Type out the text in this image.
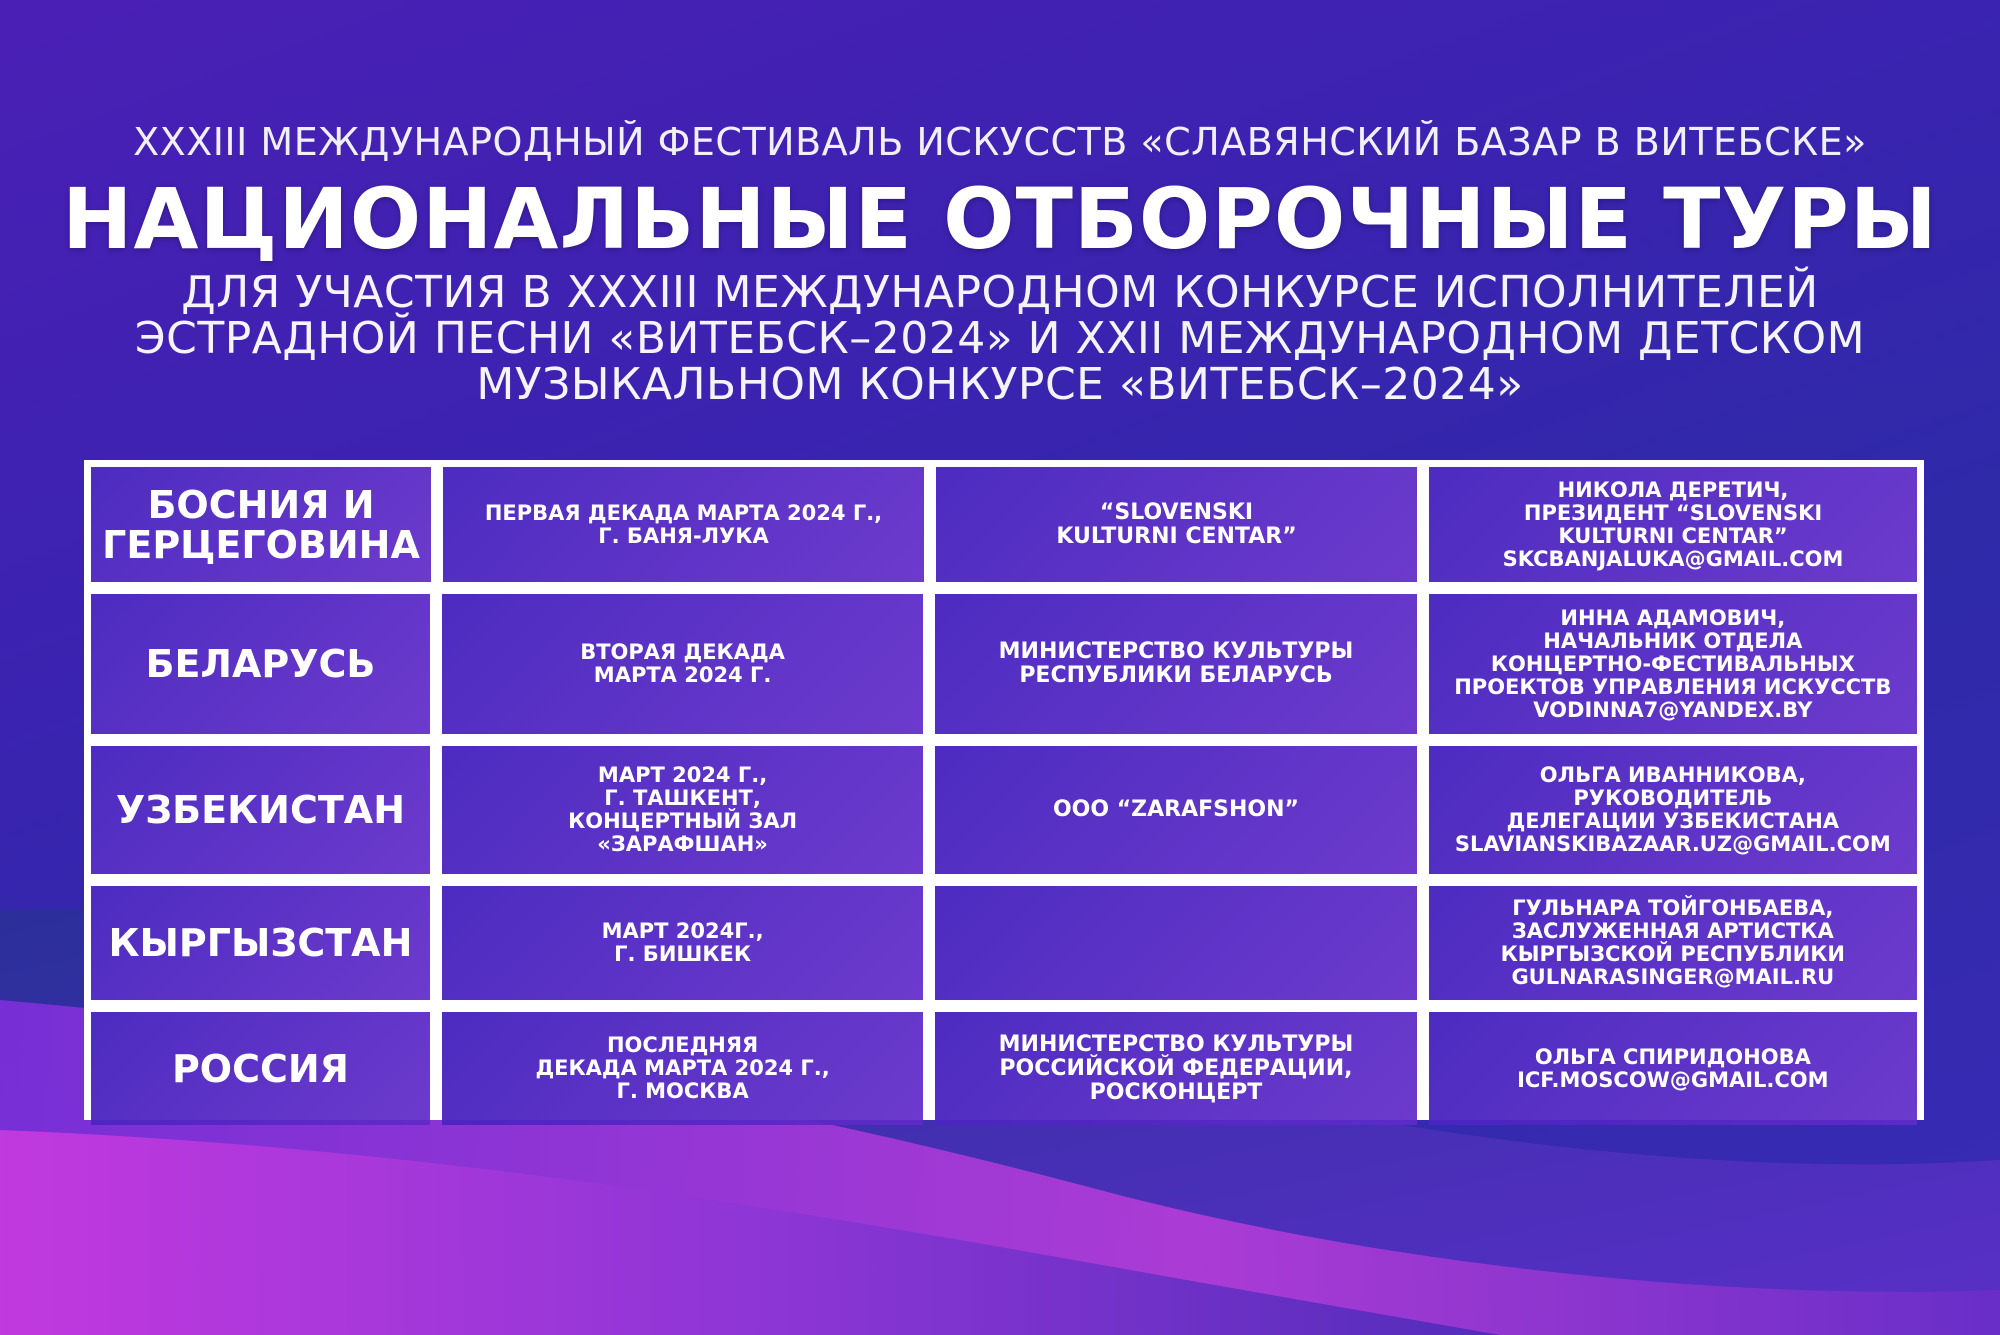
XXXIII МЕЖДУНАРОДНЫЙ ФЕСТИВАЛЬ ИСКУССТВ «СЛАВЯНСКИЙ БАЗАР В ВИТЕБСКЕ»
НАЦИОНАЛЬНЫЕ ОТБОРОЧНЫЕ ТУРЫ
ДЛЯ УЧАСТИЯ В XXXIII МЕЖДУНАРОДНОМ КОНКУРСЕ ИСПОЛНИТЕЛЕЙ
ЭСТРАДНОЙ ПЕСНИ «ВИТЕБСК–2024» И XXII МЕЖДУНАРОДНОМ ДЕТСКОМ
МУЗЫКАЛЬНОМ КОНКУРСЕ «ВИТЕБСК–2024»
БОСНИЯ И
ГЕРЦЕГОВИНА
ПЕРВАЯ ДЕКАДА МАРТА 2024 Г.,
Г. БАНЯ-ЛУКА
“SLOVENSKI
KULTURNI CENTAR”
НИКОЛА ДЕРЕТИЧ,
ПРЕЗИДЕНТ “SLOVENSKI
KULTURNI CENTAR”
SKCBANJALUKA@GMAIL.COM
БЕЛАРУСЬ	ВТОРАЯ ДЕКАДА
МАРТА 2024 Г.
МИНИСТЕРСТВО КУЛЬТУРЫ
РЕСПУБЛИКИ БЕЛАРУСЬ
ИННА АДАМОВИЧ,
НАЧАЛЬНИК ОТДЕЛА
КОНЦЕРТНО-ФЕСТИВАЛЬНЫХ
ПРОЕКТОВ УПРАВЛЕНИЯ ИСКУССТВ
VODINNA7@YANDEX.BY
УЗБЕКИСТАН
МАРТ 2024 Г.,
Г. ТАШКЕНТ,
КОНЦЕРТНЫЙ ЗАЛ
«ЗАРАФШАН»
ООО “ZARAFSHON”
ОЛЬГА ИВАННИКОВА,
РУКОВОДИТЕЛЬ
ДЕЛЕГАЦИИ УЗБЕКИСТАНА
SLAVIANSKIBAZAAR.UZ@GMAIL.COM
КЫРГЫЗСТАН	МАРТ 2024Г.,
Г. БИШКЕК
ГУЛЬНАРА ТОЙГОНБАЕВА,
ЗАСЛУЖЕННАЯ АРТИСТКА
КЫРГЫЗСКОЙ РЕСПУБЛИКИ
GULNARASINGER@MAIL.RU
РОССИЯ
ПОСЛЕДНЯЯ
ДЕКАДА МАРТА 2024 Г.,
Г. МОСКВА
МИНИСТЕРСТВО КУЛЬТУРЫ
РОССИЙСКОЙ ФЕДЕРАЦИИ,
РОСКОНЦЕРТ
ОЛЬГА СПИРИДОНОВА
ICF.MOSCOW@GMAIL.COM
